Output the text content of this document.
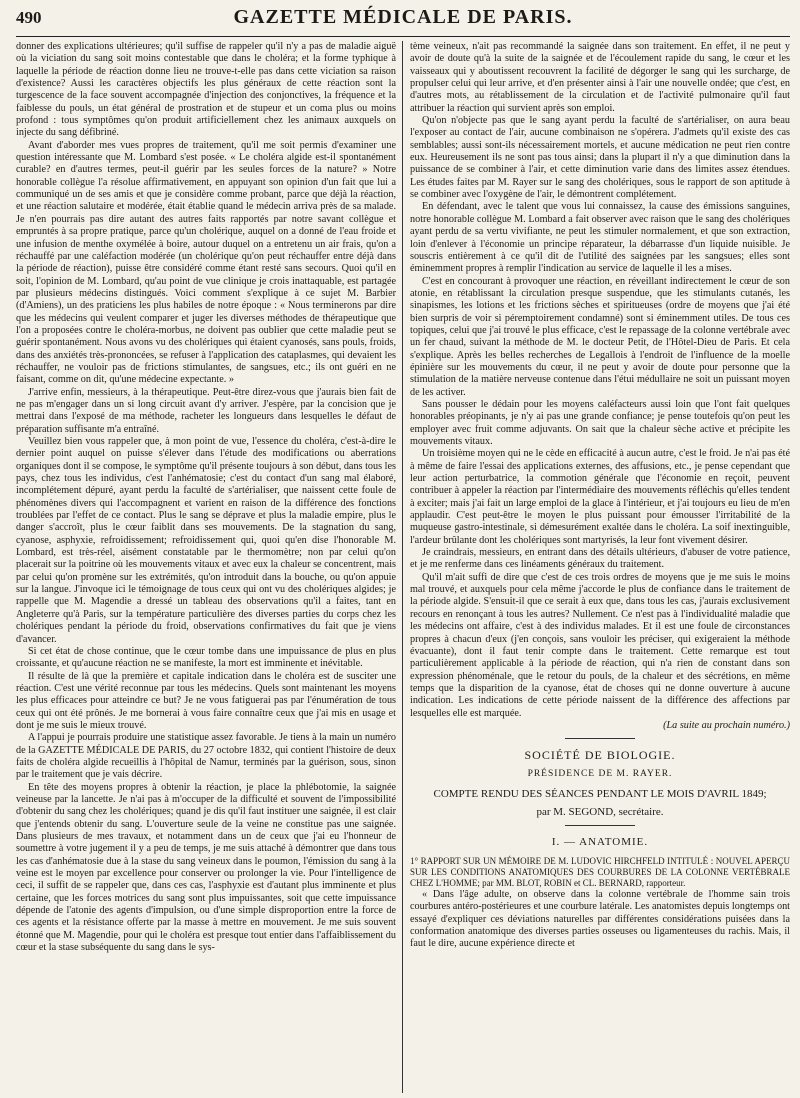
490	GAZETTE MÉDICALE DE PARIS.

donner des explications ultérieures; qu'il suffise de rappeler qu'il n'y a pas de maladie aiguë où la viciation du sang soit moins contestable que dans le choléra; et la forme typhique à laquelle la période de réaction donne lieu ne trouve-t-elle pas dans cette viciation sa raison d'existence? Aussi les caractères objectifs les plus généraux de cette réaction sont la turgescence de la face souvent accompagnée d'injection des conjonctives, la fréquence et la faiblesse du pouls, un état général de prostration et de stupeur et un coma plus ou moins profond : tous symptômes qu'on produit artificiellement chez les animaux auxquels on injecte du sang défibriné.

Avant d'aborder mes vues propres de traitement, qu'il me soit permis d'examiner une question intéressante que M. Lombard s'est posée. « Le choléra algide est-il spontanément curable? en d'autres termes, peut-il guérir par les seules forces de la nature? » Notre honorable collègue l'a résolue affirmativement, en appuyant son opinion d'un fait que lui a communiqué un de ses amis et que je considère comme probant, parce que déjà la réaction, et une réaction salutaire et modérée, était établie quand le médecin arriva près de sa malade. Je n'en pourrais pas dire autant des autres faits rapportés par notre savant collègue et empruntés à sa propre pratique, parce qu'un cholérique, auquel on a donné de l'eau froide et une infusion de menthe oxymélée à boire, autour duquel on a entretenu un air frais, qu'on a réchauffé par une caléfaction modérée (un cholérique qu'on peut réchauffer entre déjà dans la période de réaction), puisse être considéré comme étant resté sans secours. Quoi qu'il en soit, l'opinion de M. Lombard, qu'au point de vue clinique je crois inattaquable, est partagée par plusieurs médecins distingués. Voici comment s'explique à ce sujet M. Barbier (d'Amiens), un des praticiens les plus habiles de notre époque : « Nous terminerons par dire que les médecins qui veulent comparer et juger les diverses méthodes de thérapeutique que l'on a proposées contre le choléra-morbus, ne doivent pas oublier que cette maladie peut se guérir spontanément. Nous avons vu des cholériques qui étaient cyanosés, sans pouls, froids, dans des anxiétés très-prononcées, se refuser à l'application des cataplasmes, qui devaient les réchauffer, ne vouloir pas de frictions stimulantes, de sangsues, etc.; ils ont guéri en ne faisant, comme on dit, qu'une médecine expectante. »

J'arrive enfin, messieurs, à la thérapeutique. Peut-être direz-vous que j'aurais bien fait de ne pas m'engager dans un si long circuit avant d'y arriver. J'espère, par la concision que je mettrai dans l'exposé de ma méthode, racheter les longueurs dans lesquelles le défaut de préparation suffisante m'a entraîné.

Veuillez bien vous rappeler que, à mon point de vue, l'essence du choléra, c'est-à-dire le dernier point auquel on puisse s'élever dans l'étude des modifications ou aberrations organiques dont il se compose, le symptôme qu'il présente toujours à son début, dans tous les pays, chez tous les individus, c'est l'anhématosie; c'est du contact d'un sang mal élaboré, incomplétement dépuré, ayant perdu la faculté de s'artérialiser, que naissent cette foule de phénomènes divers qui l'accompagnent et varient en raison de la différence des fonctions troublées par l'effet de ce contact. Plus le sang se déprave et plus la maladie empire, plus le danger s'accroît, plus le cœur faiblit dans ses mouvements. De la stagnation du sang, cyanose, asphyxie, refroidissement; refroidissement qui, quoi qu'en dise l'honorable M. Lombard, est très-réel, aisément constatable par le thermomètre; non par celui qu'on placerait sur la poitrine où les mouvements vitaux et avec eux la chaleur se concentrent, mais par celui qu'on promène sur les extrémités, qu'on introduit dans la bouche, ou qu'on appuie sur la langue. J'invoque ici le témoignage de tous ceux qui ont vu des cholériques algides; je rappelle que M. Magendie a dressé un tableau des observations qu'il a faites, tant en Angleterre qu'à Paris, sur la température particulière des diverses parties du corps chez les cholériques pendant la période du froid, observations confirmatives du fait que je viens d'avancer.

Si cet état de chose continue, que le cœur tombe dans une impuissance de plus en plus croissante, et qu'aucune réaction ne se manifeste, la mort est imminente et inévitable.

Il résulte de là que la première et capitale indication dans le choléra est de susciter une réaction. C'est une vérité reconnue par tous les médecins. Quels sont maintenant les moyens les plus efficaces pour atteindre ce but? Je ne vous fatiguerai pas par l'énumération de tous ceux qui ont été prônés. Je me bornerai à vous faire connaître ceux que j'ai mis en usage et dont je me suis le mieux trouvé.

A l'appui je pourrais produire une statistique assez favorable. Je tiens à la main un numéro de la GAZETTE MÉDICALE DE PARIS, du 27 octobre 1832, qui contient l'histoire de deux faits de choléra algide recueillis à l'hôpital de Namur, terminés par la guérison, sous, sinon par le traitement que je vais décrire.

En tête des moyens propres à obtenir la réaction, je place la phlébotomie, la saignée veineuse par la lancette. Je n'ai pas à m'occuper de la difficulté et souvent de l'impossibilité d'obtenir du sang chez les cholériques; quand je dis qu'il faut instituer une saignée, il est clair que j'entends obtenir du sang. L'ouverture seule de la veine ne constitue pas une saignée. Dans plusieurs de mes travaux, et notamment dans un de ceux que j'ai eu l'honneur de soumettre à votre jugement il y a peu de temps, je me suis attaché à démontrer que dans tous les cas d'anhématosie due à la stase du sang veineux dans le poumon, l'émission du sang à la veine est le moyen par excellence pour conserver ou prolonger la vie. Pour l'intelligence de ceci, il suffit de se rappeler que, dans ces cas, l'asphyxie est d'autant plus imminente et plus certaine, que les forces motrices du sang sont plus impuissantes, soit que cette impuissance dépende de l'atonie des agents d'impulsion, ou d'une simple disproportion entre la force de ces agents et la résistance offerte par la masse à mettre en mouvement. Je me suis souvent étonné que M. Magendie, pour qui le choléra est presque tout entier dans l'affaiblissement du cœur et la stase subséquente du sang dans le sys-

tème veineux, n'ait pas recommandé la saignée dans son traitement. En effet, il ne peut y avoir de doute qu'à la suite de la saignée et de l'écoulement rapide du sang, le cœur et les vaisseaux qui y aboutissent recouvrent la facilité de dégorger le sang qui les surcharge, de propulser celui qui leur arrive, et d'en présenter ainsi à l'air une nouvelle ondée; que c'est, en d'autres mots, au rétablissement de la circulation et de l'activité pulmonaire qu'il faut attribuer la réaction qui survient après son emploi.

Qu'on n'objecte pas que le sang ayant perdu la faculté de s'artérialiser, on aura beau l'exposer au contact de l'air, aucune combinaison ne s'opérera. J'admets qu'il existe des cas semblables; aussi sont-ils nécessairement mortels, et aucune médication ne peut rien contre eux. Heureusement ils ne sont pas tous ainsi; dans la plupart il n'y a que diminution dans la puissance de se combiner à l'air, et cette diminution varie dans des limites assez étendues. Les études faites par M. Rayer sur le sang des cholériques, sous le rapport de son aptitude à se combiner avec l'oxygène de l'air, le démontrent complétement.

En défendant, avec le talent que vous lui connaissez, la cause des émissions sanguines, notre honorable collègue M. Lombard a fait observer avec raison que le sang des cholériques ayant perdu de sa vertu vivifiante, ne peut les stimuler normalement, et que son extraction, loin d'enlever à l'économie un principe réparateur, la débarrasse d'un liquide nuisible. Je souscris entièrement à ce qu'il dit de l'utilité des saignées par les sangsues; elles sont éminemment propres à remplir l'indication au service de laquelle il les a mises.

C'est en concourant à provoquer une réaction, en réveillant indirectement le cœur de son atonie, en rétablissant la circulation presque suspendue, que les stimulants cutanés, les sinapismes, les lotions et les frictions sèches et spiritueuses (ordre de moyens que j'ai été bien surpris de voir si péremptoirement condamné) sont si éminemment utiles. De tous ces topiques, celui que j'ai trouvé le plus efficace, c'est le repassage de la colonne vertébrale avec un fer chaud, suivant la méthode de M. le docteur Petit, de l'Hôtel-Dieu de Paris. Et cela s'explique. Après les belles recherches de Legallois à l'endroit de l'influence de la moelle épinière sur les mouvements du cœur, il ne peut y avoir de doute pour personne que la stimulation de la matière nerveuse contenue dans l'étui médullaire ne soit un puissant moyen de les activer.

Sans pousser le dédain pour les moyens caléfacteurs aussi loin que l'ont fait quelques honorables préopinants, je n'y ai pas une grande confiance; je pense toutefois qu'on peut les employer avec fruit comme adjuvants. On sait que la chaleur sèche active et précipite les mouvements vitaux.

Un troisième moyen qui ne le cède en efficacité à aucun autre, c'est le froid. Je n'ai pas été à même de faire l'essai des applications externes, des affusions, etc., je pense cependant que leur action perturbatrice, la commotion générale que l'économie en reçoit, peuvent contribuer à appeler la réaction par l'intermédiaire des mouvements réfléchis qu'elles tendent à exciter; mais j'ai fait un large emploi de la glace à l'intérieur, et j'ai toujours eu lieu de m'en applaudir. C'est peut-être le moyen le plus puissant pour émousser l'irritabilité de la muqueuse gastro-intestinale, si démesurément exaltée dans le choléra. La soif inextinguible, l'ardeur brûlante dont les cholériques sont martyrisés, la leur font vivement désirer.

Je craindrais, messieurs, en entrant dans des détails ultérieurs, d'abuser de votre patience, et je me renferme dans ces linéaments généraux du traitement.

Qu'il m'ait suffi de dire que c'est de ces trois ordres de moyens que je me suis le moins mal trouvé, et auxquels pour cela même j'accorde le plus de confiance dans le traitement de la période algide. S'ensuit-il que ce serait à eux que, dans tous les cas, j'aurais exclusivement recours en renonçant à tous les autres? Nullement. Ce n'est pas à l'individualité maladie que les médecins ont affaire, c'est à des individus malades. Et il est une foule de circonstances propres à chacun d'eux (j'en conçois, sans vouloir les préciser, qui exigeraient la méthode évacuante), dont il faut tenir compte dans le traitement. Cette remarque est tout particulièrement applicable à la période de réaction, qui n'a rien de constant dans son expression phénoménale, que le retour du pouls, de la chaleur et des sécrétions, en même temps que la disparition de la cyanose, état de choses qui ne donne ouverture à aucune indication. Les indications de cette période naissent de la différence des affections par lesquelles elle est marquée.

(La suite au prochain numéro.)

SOCIÉTÉ DE BIOLOGIE.
PRÉSIDENCE DE M. RAYER.
COMPTE RENDU DES SÉANCES PENDANT LE MOIS D'AVRIL 1849;
par M. SEGOND, secrétaire.
I. — ANATOMIE.

1° RAPPORT SUR UN MÉMOIRE DE M. LUDOVIC HIRCHFELD INTITULÉ : NOUVEL APERÇU SUR LES CONDITIONS ANATOMIQUES DES COURBURES DE LA COLONNE VERTÉBRALE CHEZ L'HOMME; par MM. BLOT, ROBIN et CL. BERNARD, rapporteur.

« Dans l'âge adulte, on observe dans la colonne vertébrale de l'homme sain trois courbures antéro-postérieures et une courbure latérale. Les anatomistes depuis longtemps ont essayé d'expliquer ces déviations naturelles par différentes considérations puisées dans la conformation anatomique des diverses parties osseuses ou ligamenteuses du rachis. Mais, il faut le dire, aucune expérience directe et
